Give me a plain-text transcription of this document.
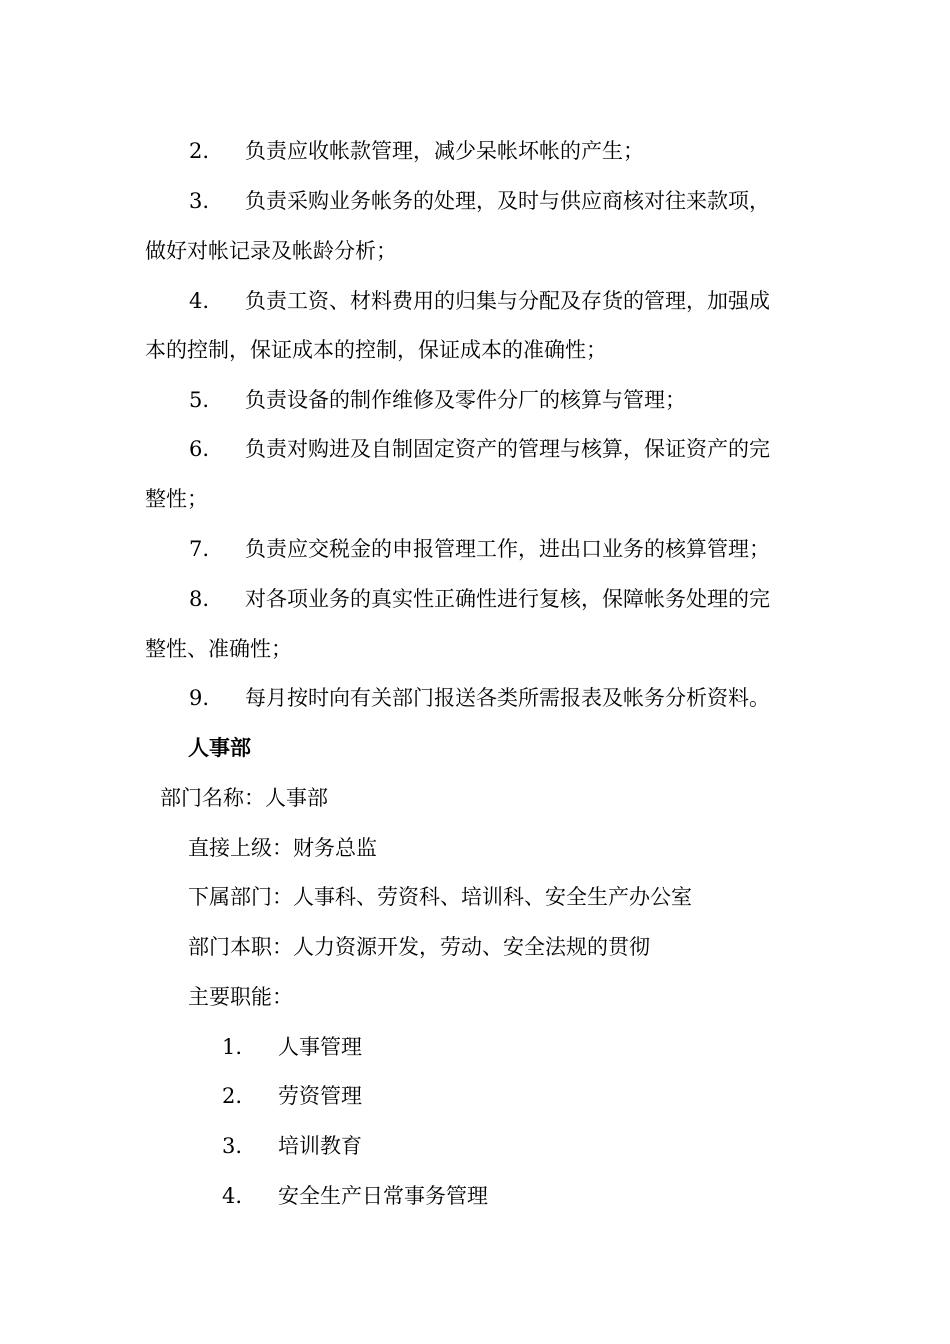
2. 负责应收帐款管理，减少呆帐坏帐的产生；
3. 负责采购业务帐务的处理，及时与供应商核对往来款项，
做好对帐记录及帐龄分析；
4. 负责工资、材料费用的归集与分配及存货的管理，加强成
本的控制，保证成本的控制，保证成本的准确性；
5. 负责设备的制作维修及零件分厂的核算与管理；
6. 负责对购进及自制固定资产的管理与核算，保证资产的完
整性；
7. 负责应交税金的申报管理工作，进出口业务的核算管理；
8. 对各项业务的真实性正确性进行复核，保障帐务处理的完
整性、准确性；
9. 每月按时向有关部门报送各类所需报表及帐务分析资料。
人事部
部门名称：人事部
直接上级：财务总监
下属部门：人事科、劳资科、培训科、安全生产办公室
部门本职：人力资源开发，劳动、安全法规的贯彻
主要职能：
1. 人事管理
2. 劳资管理
3. 培训教育
4. 安全生产日常事务管理
